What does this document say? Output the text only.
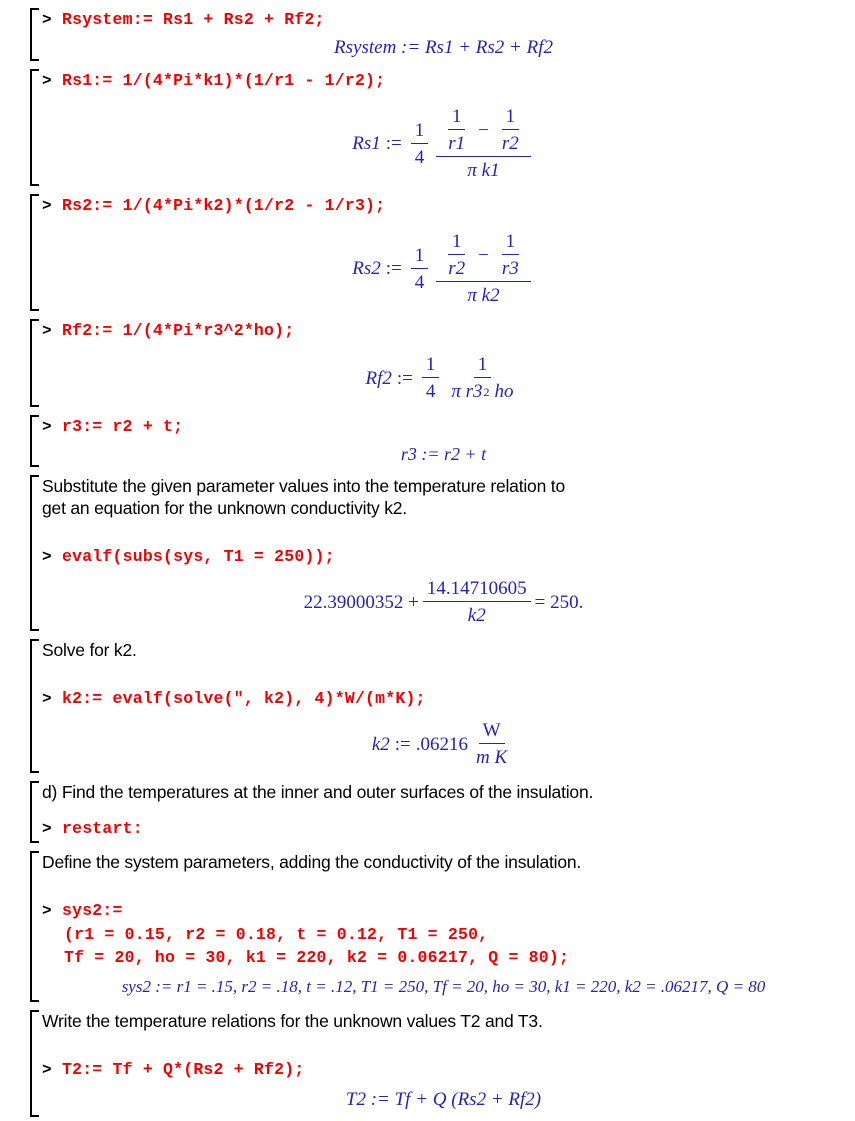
> Rsystem:= Rs1 + Rs2 + Rf2;
Rsystem := Rs1 + Rs2 + Rf2
> Rs1:= 1/(4*Pi*k1)*(1/r1 - 1/r2);
Rs1 := $\frac{1}{4}$
1
r1
− $\frac{1}{r2}$
π k1
> Rs2:= 1/(4*Pi*k2)*(1/r2 - 1/r3);
Rs2 := $\frac{1}{4}$
1
r2
− $\frac{1}{r3}$
π k2
> Rf2:= 1/(4*Pi*r3^2*ho);
Rf2 := $\frac{1}{4} \frac{1}{\text{π r3 2 ho}}$
> r3:= r2 + t;
r3 := r2 + t
Substitute the given parameter values into the temperature relation to
get an equation for the unknown conductivity k2.
> evalf(subs(sys, T1 = 250));
$22.39000352 + \frac{14.14710605}{k2} = 250$.
Solve for k2.
> k2:= evalf(solve(", k2), 4)*W/(m*K);
k2 := .06216
W
m K
d) Find the temperatures at the inner and outer surfaces of the insulation.
> restart:
Define the system parameters, adding the conductivity of the insulation.
> sys2:=
(r1 = 0.15, r2 = 0.18, t = 0.12, T1 = 250,
Tf = 20, ho = 30, k1 = 220, k2 = 0.06217, Q = 80);
sys2 := r1 = .15, r2 = .18, t = .12, T1 = 250, Tf = 20, ho = 30, k1 = 220, k2 = .06217, Q = 80
Write the temperature relations for the unknown values T2 and T3.
> T2:= Tf + Q*(Rs2 + Rf2);
T2 := Tf + Q (Rs2 + Rf2)
